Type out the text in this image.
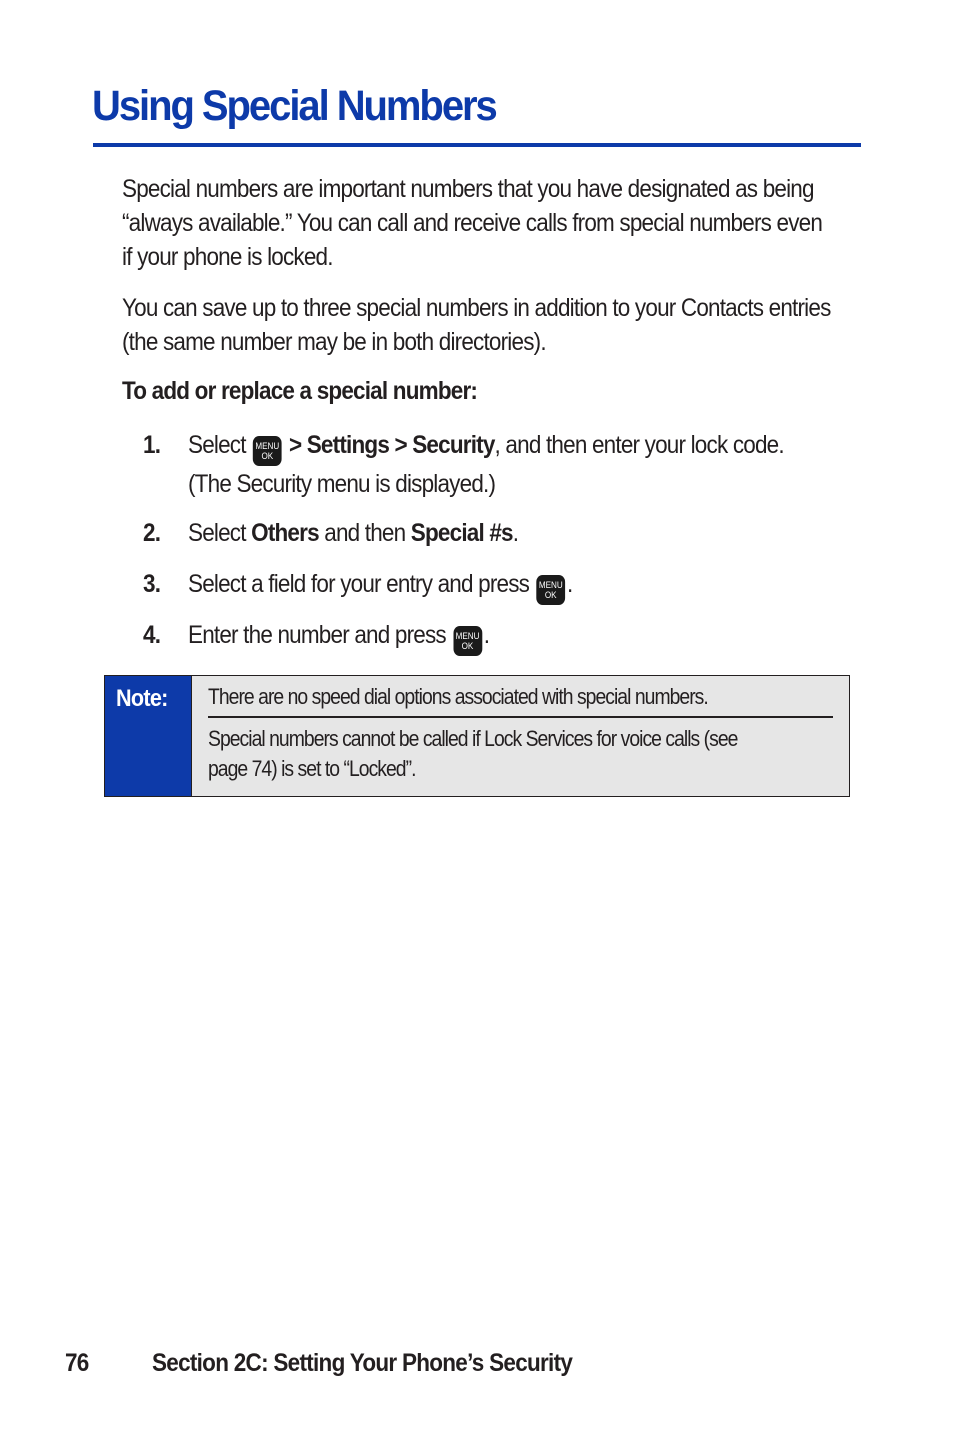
Using Special Numbers

Special numbers are important numbers that you have designated as being
“always available.” You can call and receive calls from special numbers even
if your phone is locked.

You can save up to three special numbers in addition to your Contacts entries
(the same number may be in both directories).

To add or replace a special number:

1. Select MENU
OK > Settings > Security, and then enter your lock code.
(The Security menu is displayed.)
2. Select Others and then Special #s.
3. Select a field for your entry and press MENU
OK .
4. Enter the number and press MENU
OK .
Note: There are no speed dial options associated with special numbers.
Special numbers cannot be called if Lock Services for voice calls (see
page 74) is set to “Locked”.
76	Section 2C: Setting Your Phone’s Security
